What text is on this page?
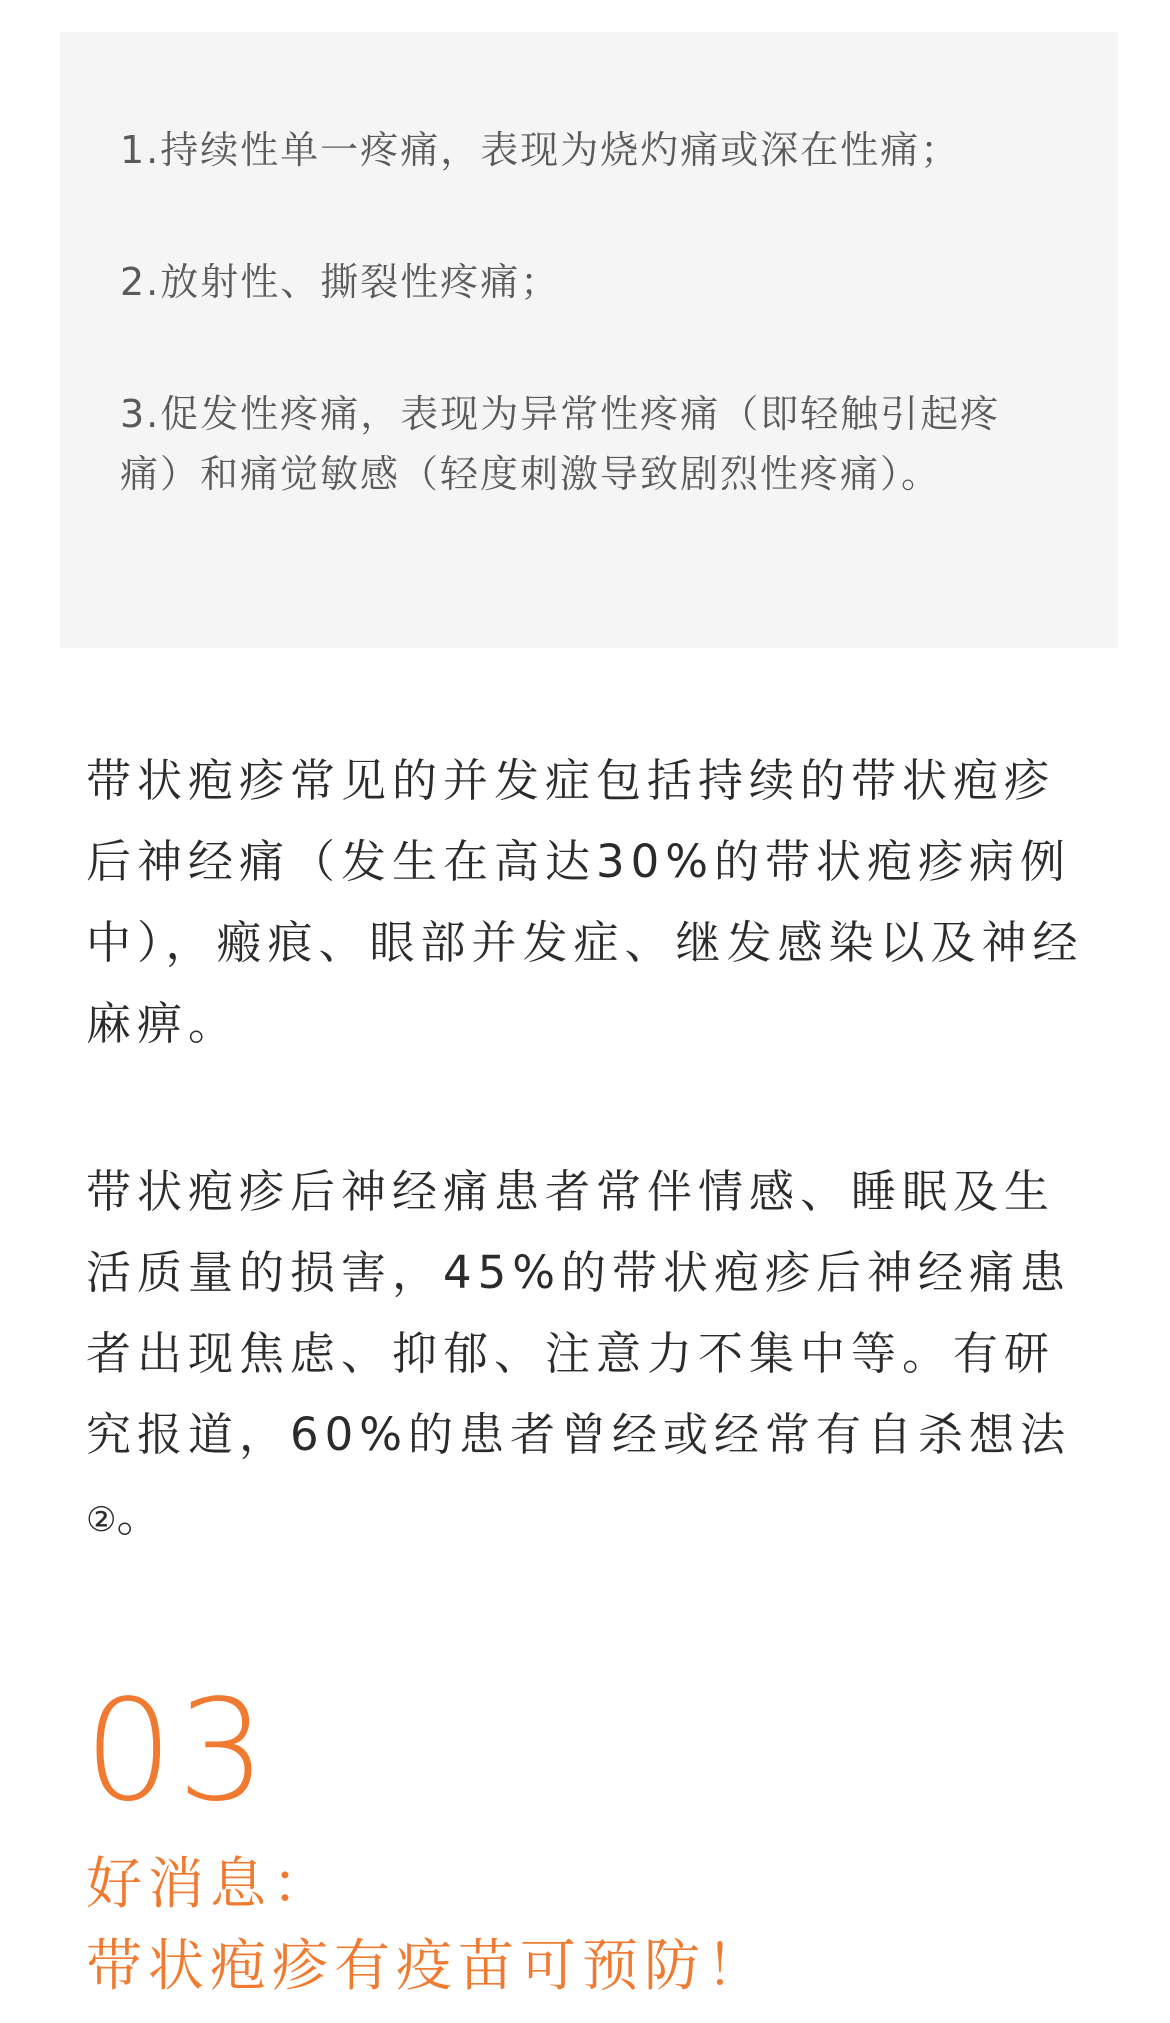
1.持续性单一疼痛，表现为烧灼痛或深在性痛；

2.放射性、撕裂性疼痛；

3.促发性疼痛，表现为异常性疼痛（即轻触引起疼痛）和痛觉敏感（轻度刺激导致剧烈性疼痛）。

带状疱疹常见的并发症包括持续的带状疱疹后神经痛（发生在高达30%的带状疱疹病例中），瘢痕、眼部并发症、继发感染以及神经麻痹。

带状疱疹后神经痛患者常伴情感、睡眠及生活质量的损害，45%的带状疱疹后神经痛患者出现焦虑、抑郁、注意力不集中等。有研究报道，60%的患者曾经或经常有自杀想法②。

03
好消息：
带状疱疹有疫苗可预防！
